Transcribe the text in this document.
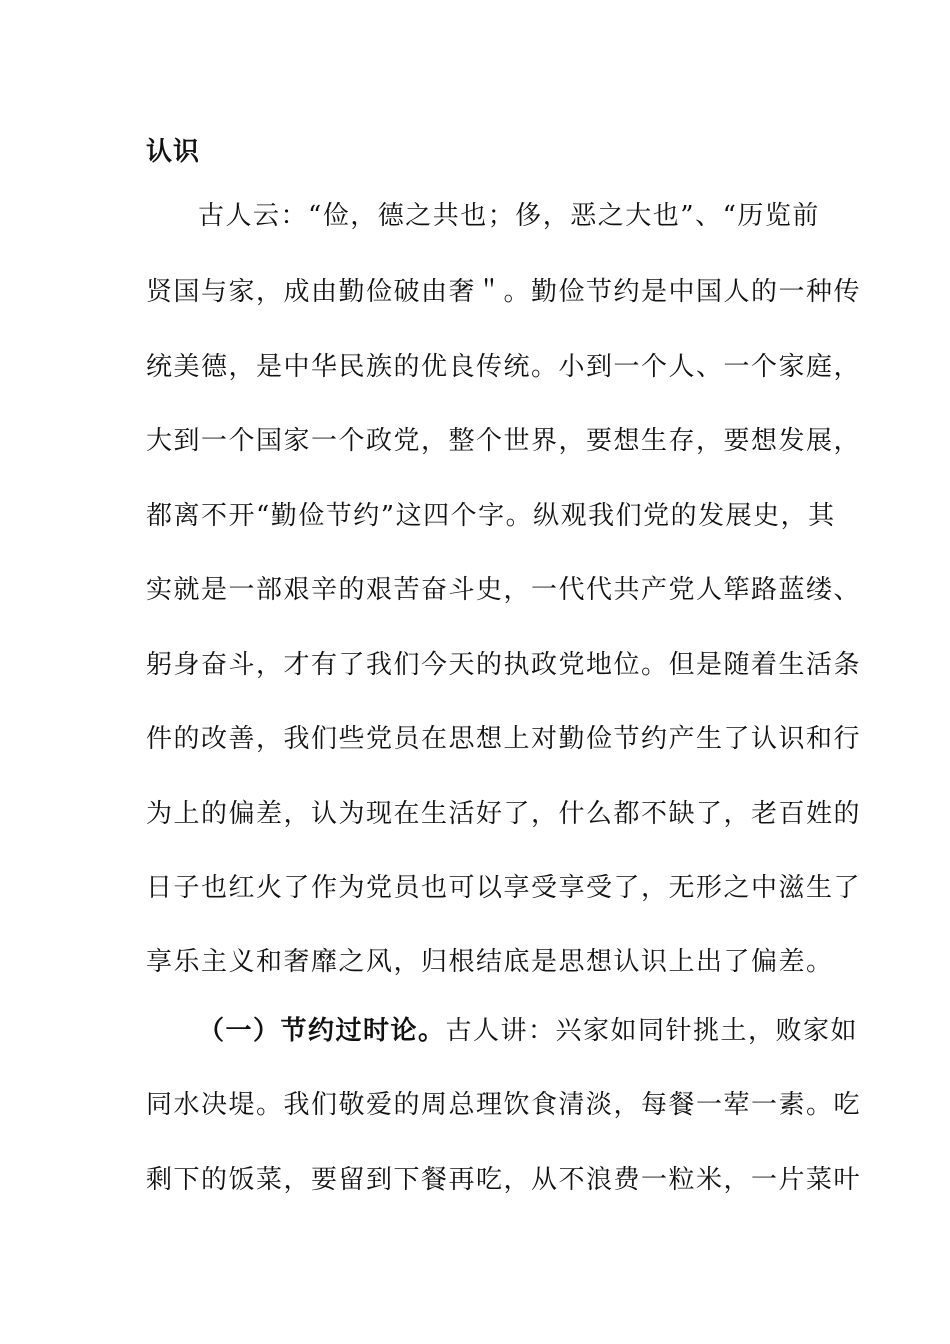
认识
古人云：“俭，德之共也；侈，恶之大也”、“历览前
贤国与家，成由勤俭破由奢＂。勤俭节约是中国人的一种传
统美德，是中华民族的优良传统。小到一个人、一个家庭，
大到一个国家一个政党，整个世界，要想生存，要想发展，
都离不开“勤俭节约”这四个字。纵观我们党的发展史，其
实就是一部艰辛的艰苦奋斗史，一代代共产党人筚路蓝缕、
躬身奋斗，才有了我们今天的执政党地位。但是随着生活条
件的改善，我们些党员在思想上对勤俭节约产生了认识和行
为上的偏差，认为现在生活好了，什么都不缺了，老百姓的
日子也红火了作为党员也可以享受享受了，无形之中滋生了
享乐主义和奢靡之风，归根结底是思想认识上出了偏差。
（一）节约过时论。古人讲：兴家如同针挑土，败家如
同水决堤。我们敬爱的周总理饮食清淡，每餐一荤一素。吃
剩下的饭菜，要留到下餐再吃，从不浪费一粒米，一片菜叶
